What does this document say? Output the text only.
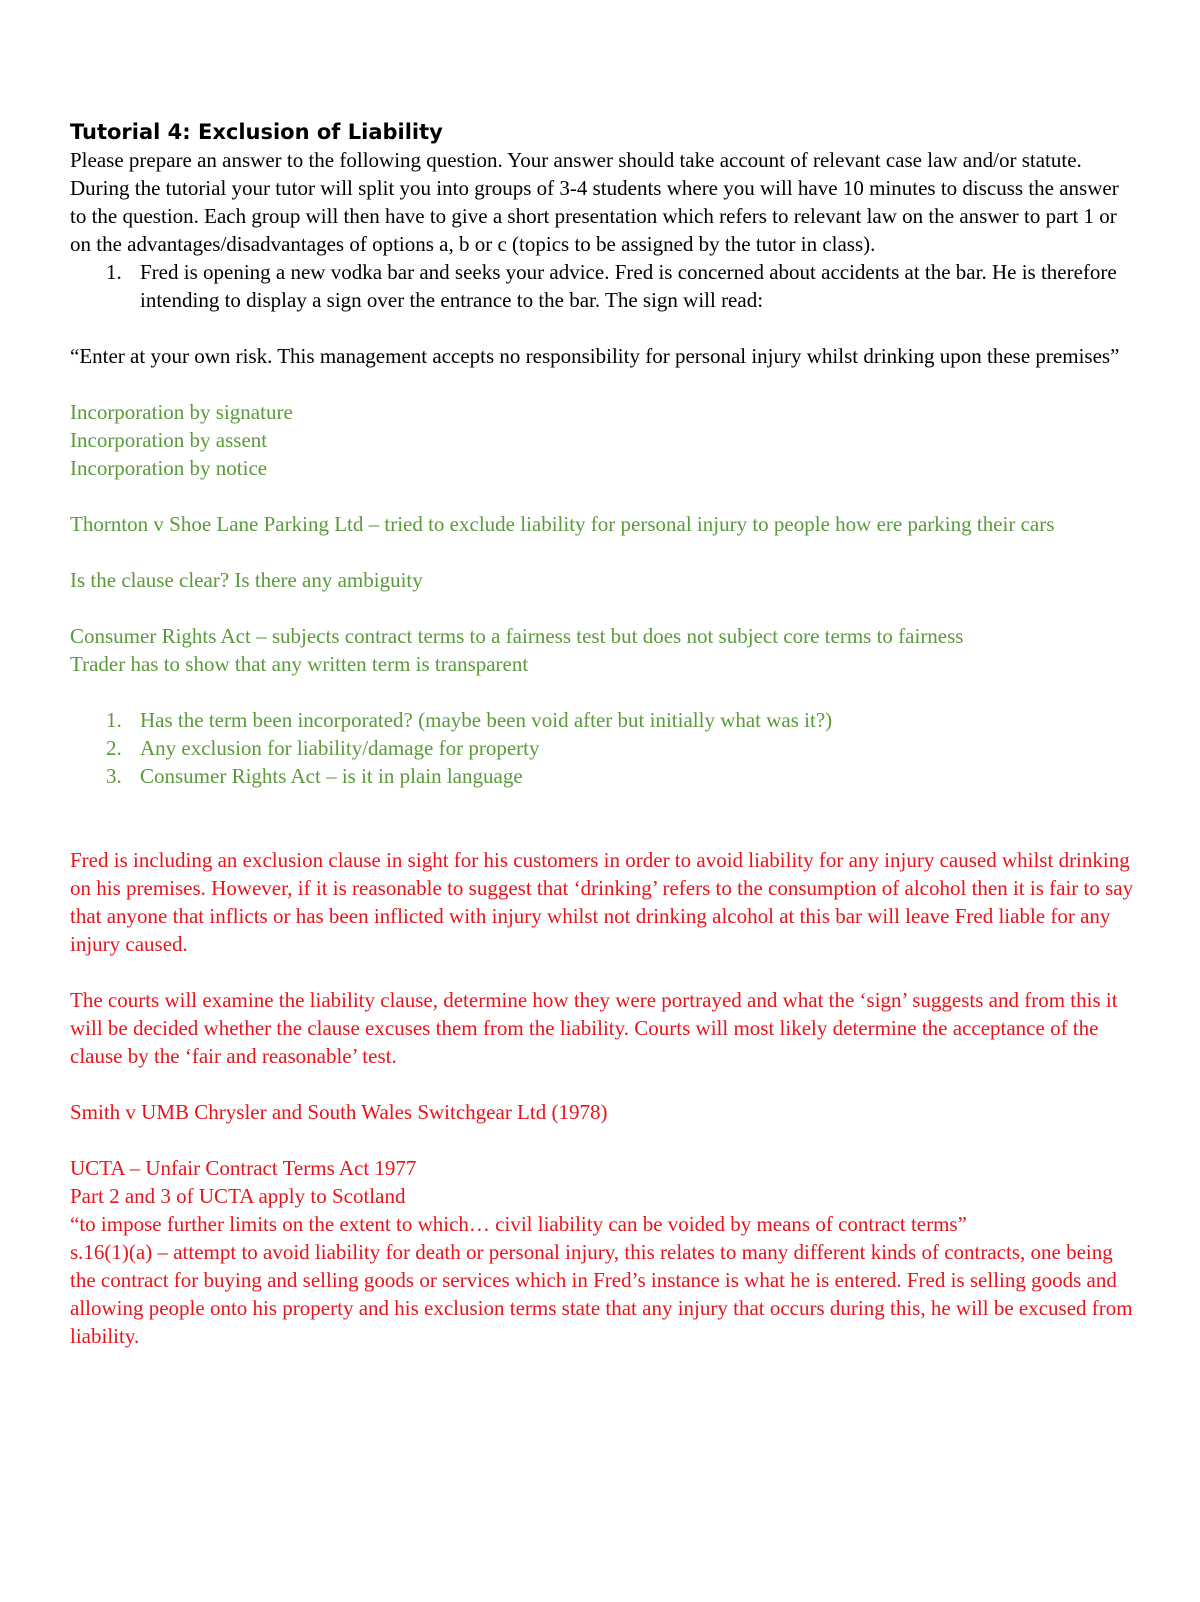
Tutorial 4: Exclusion of Liability

Please prepare an answer to the following question. Your answer should take account of relevant case law and/or statute. During the tutorial your tutor will split you into groups of 3-4 students where you will have 10 minutes to discuss the answer to the question. Each group will then have to give a short presentation which refers to relevant law on the answer to part 1 or on the advantages/disadvantages of options a, b or c (topics to be assigned by the tutor in class).

1. Fred is opening a new vodka bar and seeks your advice. Fred is concerned about accidents at the bar. He is therefore intending to display a sign over the entrance to the bar. The sign will read:

“Enter at your own risk. This management accepts no responsibility for personal injury whilst drinking upon these premises”

Incorporation by signature

Incorporation by assent

Incorporation by notice

Thornton v Shoe Lane Parking Ltd – tried to exclude liability for personal injury to people how ere parking their cars

Is the clause clear? Is there any ambiguity

Consumer Rights Act – subjects contract terms to a fairness test but does not subject core terms to fairness

Trader has to show that any written term is transparent

1. Has the term been incorporated? (maybe been void after but initially what was it?)
2. Any exclusion for liability/damage for property
3. Consumer Rights Act – is it in plain language

Fred is including an exclusion clause in sight for his customers in order to avoid liability for any injury caused whilst drinking on his premises. However, if it is reasonable to suggest that ‘drinking’ refers to the consumption of alcohol then it is fair to say that anyone that inflicts or has been inflicted with injury whilst not drinking alcohol at this bar will leave Fred liable for any injury caused.

The courts will examine the liability clause, determine how they were portrayed and what the ‘sign’ suggests and from this it will be decided whether the clause excuses them from the liability. Courts will most likely determine the acceptance of the clause by the ‘fair and reasonable’ test.

Smith v UMB Chrysler and South Wales Switchgear Ltd (1978)

UCTA – Unfair Contract Terms Act 1977

Part 2 and 3 of UCTA apply to Scotland

“to impose further limits on the extent to which… civil liability can be voided by means of contract terms”

s.16(1)(a) – attempt to avoid liability for death or personal injury, this relates to many different kinds of contracts, one being the contract for buying and selling goods or services which in Fred’s instance is what he is entered. Fred is selling goods and allowing people onto his property and his exclusion terms state that any injury that occurs during this, he will be excused from liability.
